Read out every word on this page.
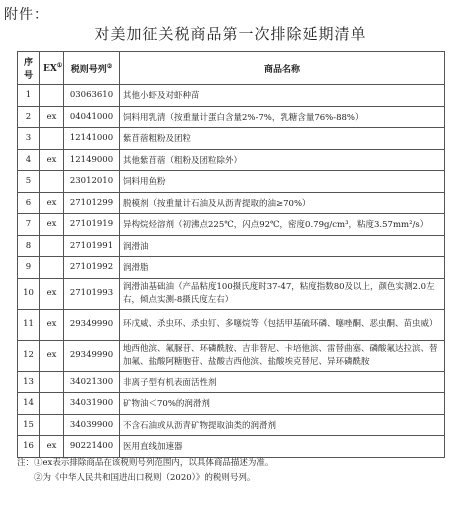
附件：
对美加征关税商品第一次排除延期清单
序号	EX①	税则号列②	商品名称
1		03063610	其他小虾及对虾种苗
2	ex	04041000	饲料用乳清（按重量计蛋白含量2%-7%，乳糖含量76%-88%）
3		12141000	紫苜蓿粗粉及团粒
4	ex	12149000	其他紫苜蓿（粗粉及团粒除外）
5		23012010	饲料用鱼粉
6	ex	27101299	脱模剂（按重量计石油及从沥青提取的油≥70%）
7	ex	27101919	异构烷烃溶剂（初沸点225℃，闪点92℃，密度0.79g/cm³，粘度3.57mm²/s）
8		27101991	润滑油
9		27101992	润滑脂
10	ex	27101993	润滑油基础油（产品粘度100摄氏度时37-47，粘度指数80及以上，颜色实测2.0左右，倾点实测-8摄氏度左右）
11	ex	29349990	环戊威、杀虫环、杀虫钉、多噻烷等（包括甲基硫环磷、噻唑酮、恶虫酮、苗虫威）
12	ex	29349990	地西他滨、氟脲苷、环磷酰胺、吉非替尼、卡培他滨、雷替曲塞、磷酸氟达拉滨、替加氟、盐酸阿糖胞苷、盐酸吉西他滨、盐酸埃克替尼、异环磷酰胺
13		34021300	非离子型有机表面活性剂
14		34031900	矿物油＜70%的润滑剂
15		34039900	不含石油或从沥青矿物提取油类的润滑剂
16	ex	90221400	医用直线加速器
注：①ex表示排除商品在该税则号列范围内，以具体商品描述为准。
②为《中华人民共和国进出口税则（2020）》的税则号列。
